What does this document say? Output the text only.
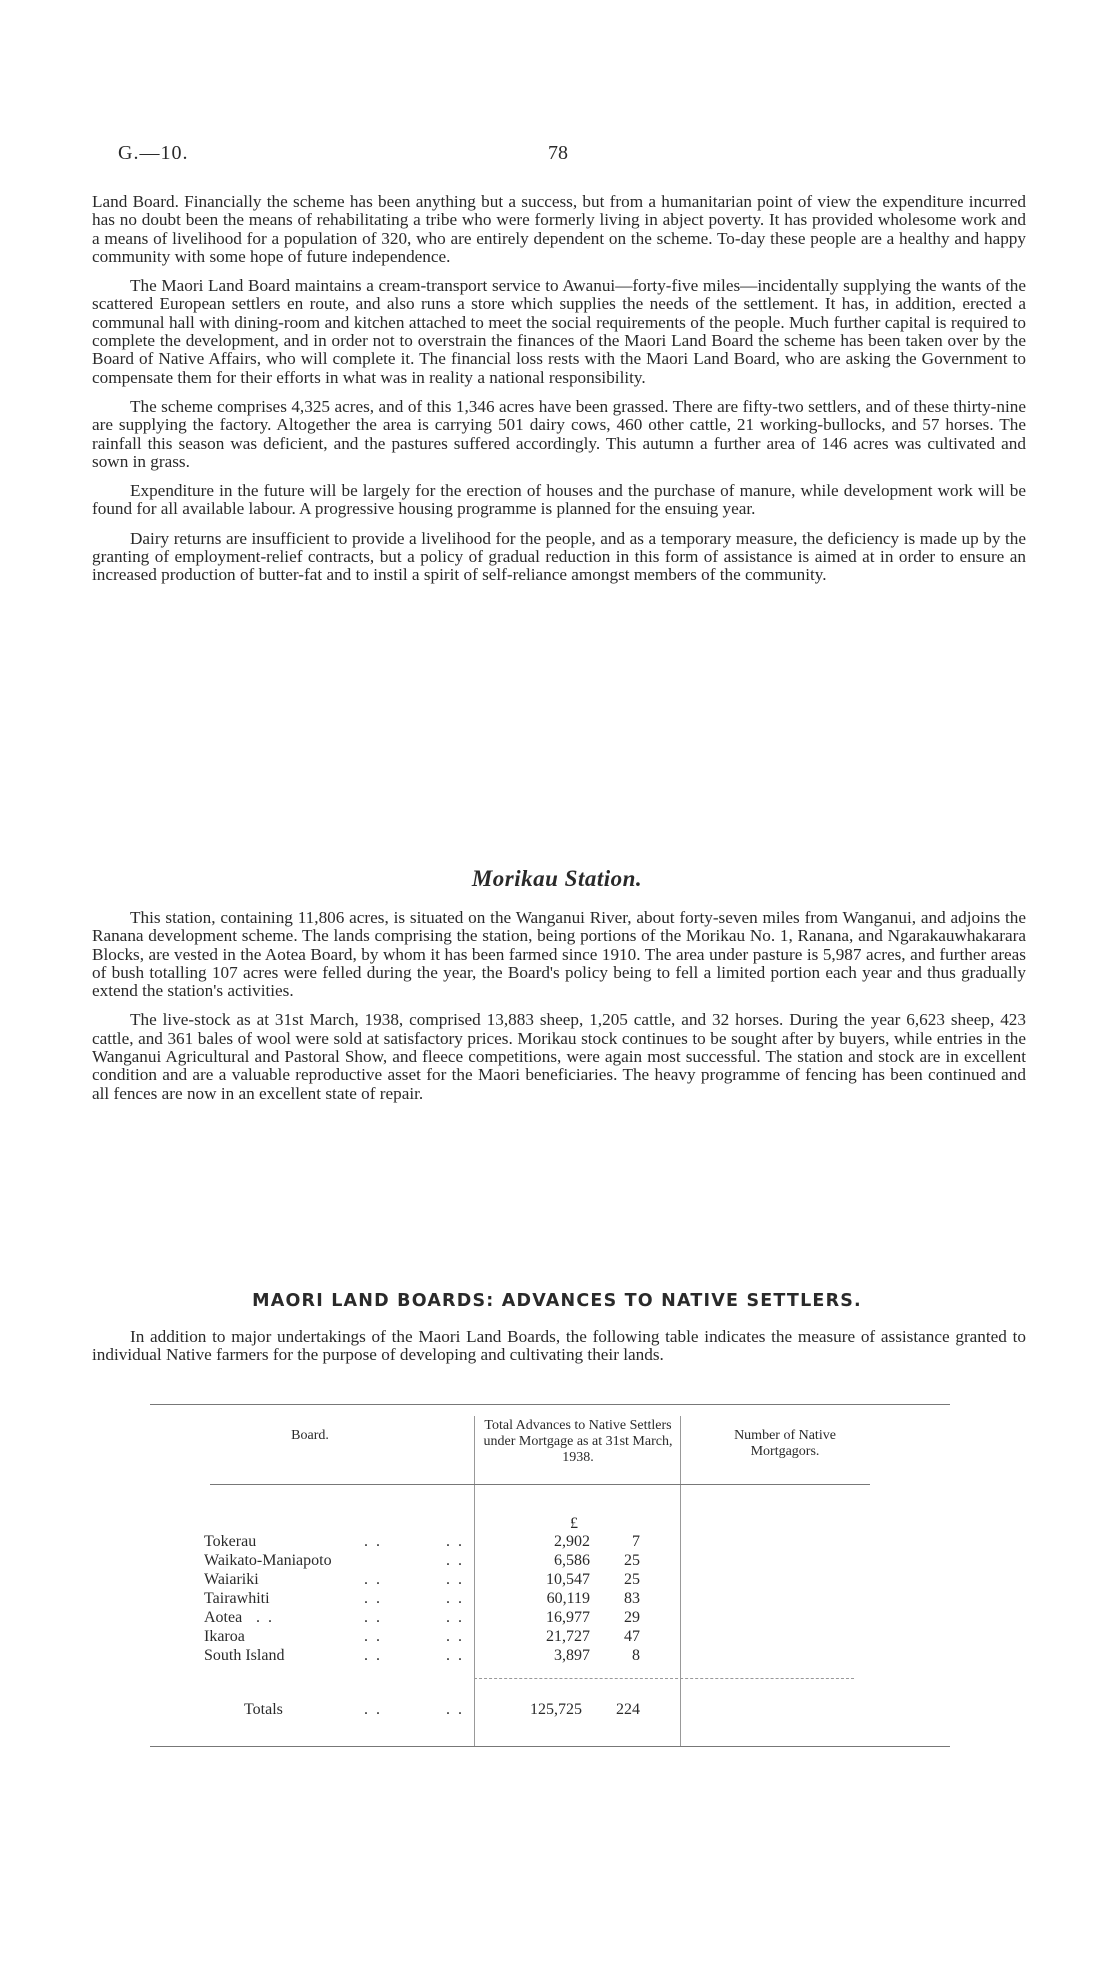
G.—10.	78

Land Board. Financially the scheme has been anything but a success, but from a humanitarian point of view the expenditure incurred has no doubt been the means of rehabilitating a tribe who were formerly living in abject poverty. It has provided wholesome work and a means of livelihood for a population of 320, who are entirely dependent on the scheme. To-day these people are a healthy and happy community with some hope of future independence.

The Maori Land Board maintains a cream-transport service to Awanui—forty-five miles—incidentally supplying the wants of the scattered European settlers en route, and also runs a store which supplies the needs of the settlement. It has, in addition, erected a communal hall with dining-room and kitchen attached to meet the social requirements of the people. Much further capital is required to complete the development, and in order not to overstrain the finances of the Maori Land Board the scheme has been taken over by the Board of Native Affairs, who will complete it. The financial loss rests with the Maori Land Board, who are asking the Government to compensate them for their efforts in what was in reality a national responsibility.

The scheme comprises 4,325 acres, and of this 1,346 acres have been grassed. There are fifty-two settlers, and of these thirty-nine are supplying the factory. Altogether the area is carrying 501 dairy cows, 460 other cattle, 21 working-bullocks, and 57 horses. The rainfall this season was deficient, and the pastures suffered accordingly. This autumn a further area of 146 acres was cultivated and sown in grass.

Expenditure in the future will be largely for the erection of houses and the purchase of manure, while development work will be found for all available labour. A progressive housing programme is planned for the ensuing year.

Dairy returns are insufficient to provide a livelihood for the people, and as a temporary measure, the deficiency is made up by the granting of employment-relief contracts, but a policy of gradual reduction in this form of assistance is aimed at in order to ensure an increased production of butter-fat and to instil a spirit of self-reliance amongst members of the community.

Morikau Station.

This station, containing 11,806 acres, is situated on the Wanganui River, about forty-seven miles from Wanganui, and adjoins the Ranana development scheme. The lands comprising the station, being portions of the Morikau No. 1, Ranana, and Ngarakauwhakarara Blocks, are vested in the Aotea Board, by whom it has been farmed since 1910. The area under pasture is 5,987 acres, and further areas of bush totalling 107 acres were felled during the year, the Board's policy being to fell a limited portion each year and thus gradually extend the station's activities.

The live-stock as at 31st March, 1938, comprised 13,883 sheep, 1,205 cattle, and 32 horses. During the year 6,623 sheep, 423 cattle, and 361 bales of wool were sold at satisfactory prices. Morikau stock continues to be sought after by buyers, while entries in the Wanganui Agricultural and Pastoral Show, and fleece competitions, were again most successful. The station and stock are in excellent condition and are a valuable reproductive asset for the Maori beneficiaries. The heavy programme of fencing has been continued and all fences are now in an excellent state of repair.

MAORI LAND BOARDS: ADVANCES TO NATIVE SETTLERS.

In addition to major undertakings of the Maori Land Boards, the following table indicates the measure of assistance granted to individual Native farmers for the purpose of developing and cultivating their lands.

Board.
Total Advances to Native Settlers under Mortgage as at 31st March, 1938.
Number of Native Mortgagors.
£
Tokerau	. .	. .	2,902	7
Waikato-Maniapoto	. .	6,586	25
Waiariki	. .	. .	10,547	25
Tairawhiti	. .	. .	60,119	83
Aotea . .	. .	. .	16,977	29
Ikaroa	. .	. .	21,727	47
South Island	. .	. .	3,897	8
Totals	. .	. .	125,725	224
